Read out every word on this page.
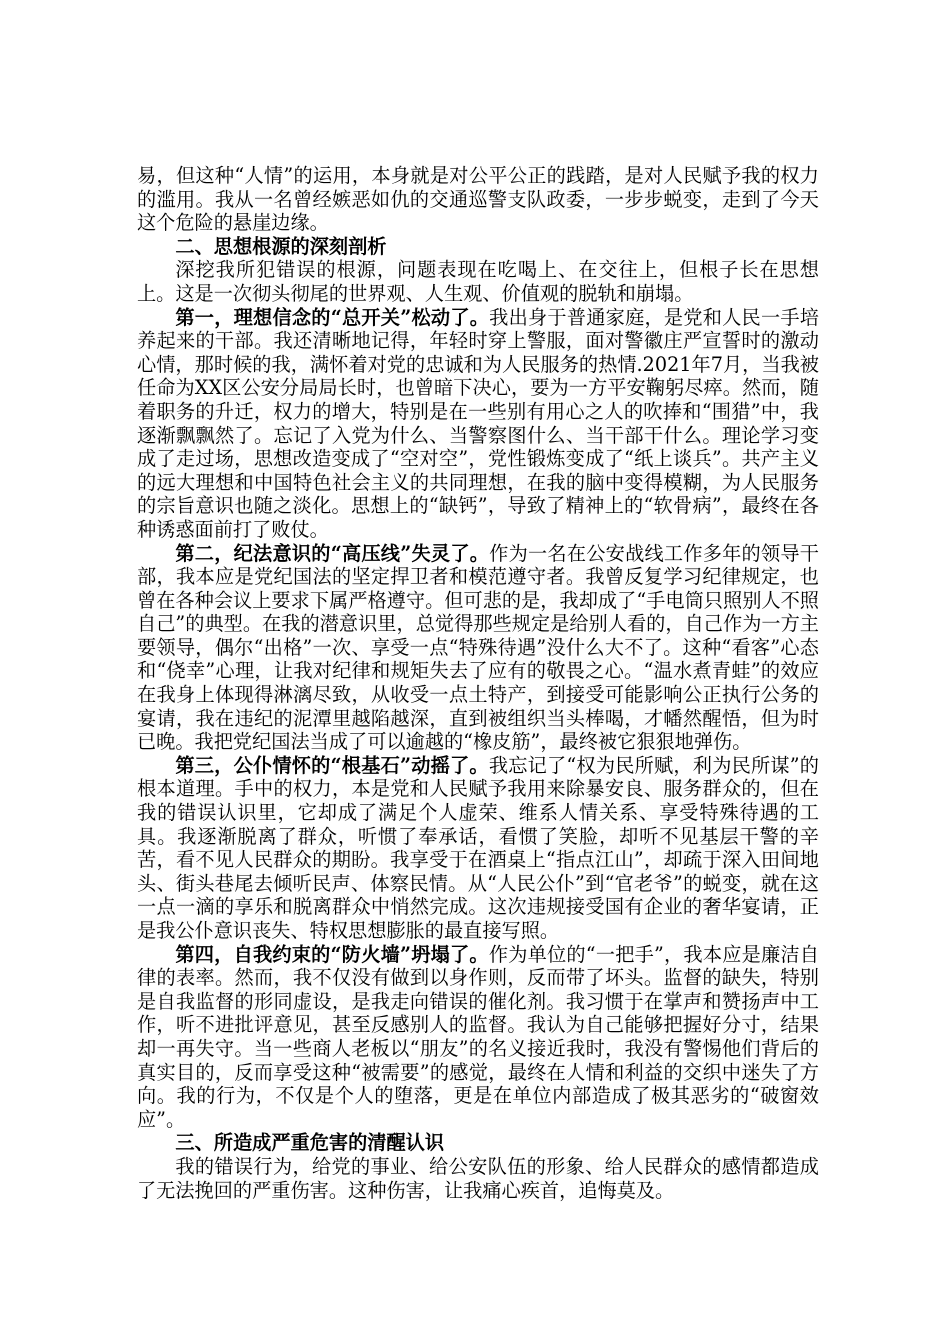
易，但这种“人情”的运用，本身就是对公平公正的践踏，是对人民赋予我的权力的滥用。我从一名曾经嫉恶如仇的交通巡警支队政委，一步步蜕变，走到了今天这个危险的悬崖边缘。

二、思想根源的深刻剖析

深挖我所犯错误的根源，问题表现在吃喝上、在交往上，但根子长在思想上。这是一次彻头彻尾的世界观、人生观、价值观的脱轨和崩塌。

第一，理想信念的“总开关”松动了。我出身于普通家庭，是党和人民一手培养起来的干部。我还清晰地记得，年轻时穿上警服，面对警徽庄严宣誓时的激动心情，那时候的我，满怀着对党的忠诚和为人民服务的热情.2021年7月，当我被任命为XX区公安分局局长时，也曾暗下决心，要为一方平安鞠躬尽瘁。然而，随着职务的升迁，权力的增大，特别是在一些别有用心之人的吹捧和“围猎”中，我逐渐飘飘然了。忘记了入党为什么、当警察图什么、当干部干什么。理论学习变成了走过场，思想改造变成了“空对空”，党性锻炼变成了“纸上谈兵”。共产主义的远大理想和中国特色社会主义的共同理想，在我的脑中变得模糊，为人民服务的宗旨意识也随之淡化。思想上的“缺钙”，导致了精神上的“软骨病”，最终在各种诱惑面前打了败仗。

第二，纪法意识的“高压线”失灵了。作为一名在公安战线工作多年的领导干部，我本应是党纪国法的坚定捍卫者和模范遵守者。我曾反复学习纪律规定，也曾在各种会议上要求下属严格遵守。但可悲的是，我却成了“手电筒只照别人不照自己”的典型。在我的潜意识里，总觉得那些规定是给别人看的，自己作为一方主要领导，偶尔“出格”一次、享受一点“特殊待遇”没什么大不了。这种“看客”心态和“侥幸”心理，让我对纪律和规矩失去了应有的敬畏之心。“温水煮青蛙”的效应在我身上体现得淋漓尽致，从收受一点土特产，到接受可能影响公正执行公务的宴请，我在违纪的泥潭里越陷越深，直到被组织当头棒喝，才幡然醒悟，但为时已晚。我把党纪国法当成了可以逾越的“橡皮筋”，最终被它狠狠地弹伤。

第三，公仆情怀的“根基石”动摇了。我忘记了“权为民所赋，利为民所谋”的根本道理。手中的权力，本是党和人民赋予我用来除暴安良、服务群众的，但在我的错误认识里，它却成了满足个人虚荣、维系人情关系、享受特殊待遇的工具。我逐渐脱离了群众，听惯了奉承话，看惯了笑脸，却听不见基层干警的辛苦，看不见人民群众的期盼。我享受于在酒桌上“指点江山”，却疏于深入田间地头、街头巷尾去倾听民声、体察民情。从“人民公仆”到“官老爷”的蜕变，就在这一点一滴的享乐和脱离群众中悄然完成。这次违规接受国有企业的奢华宴请，正是我公仆意识丧失、特权思想膨胀的最直接写照。

第四，自我约束的“防火墙”坍塌了。作为单位的“一把手”，我本应是廉洁自律的表率。然而，我不仅没有做到以身作则，反而带了坏头。监督的缺失，特别是自我监督的形同虚设，是我走向错误的催化剂。我习惯于在掌声和赞扬声中工作，听不进批评意见，甚至反感别人的监督。我认为自己能够把握好分寸，结果却一再失守。当一些商人老板以“朋友”的名义接近我时，我没有警惕他们背后的真实目的，反而享受这种“被需要”的感觉，最终在人情和利益的交织中迷失了方向。我的行为，不仅是个人的堕落，更是在单位内部造成了极其恶劣的“破窗效应”。

三、所造成严重危害的清醒认识

我的错误行为，给党的事业、给公安队伍的形象、给人民群众的感情都造成了无法挽回的严重伤害。这种伤害，让我痛心疾首，追悔莫及。
